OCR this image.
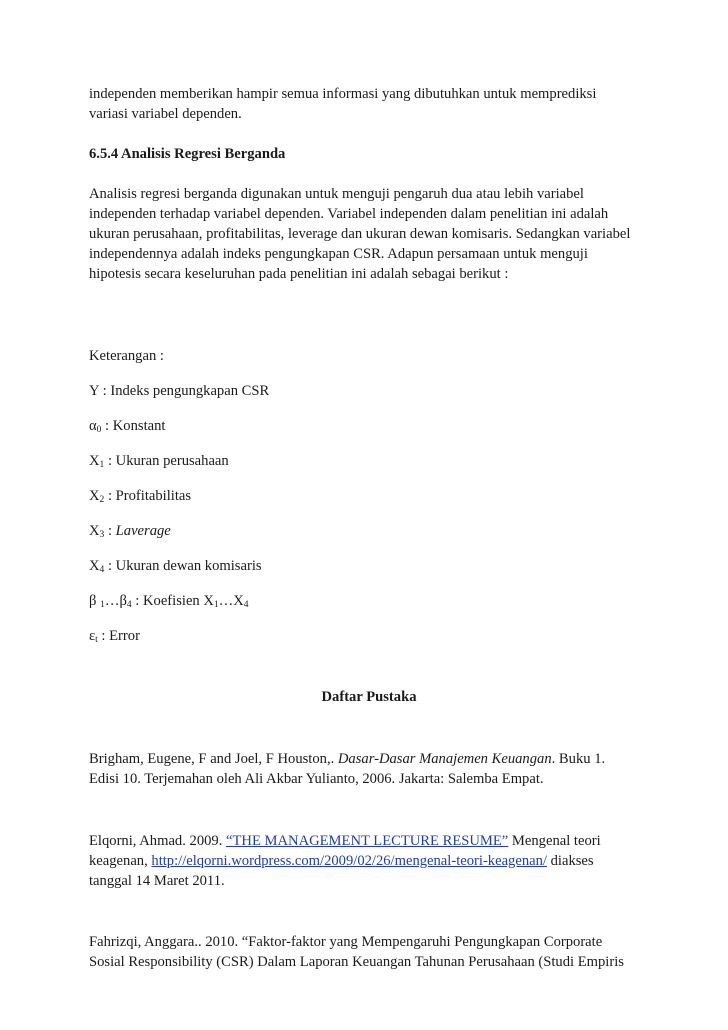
independen memberikan hampir semua informasi yang dibutuhkan untuk memprediksi

variasi variabel dependen.

6.5.4 Analisis Regresi Berganda

Analisis regresi berganda digunakan untuk menguji pengaruh dua atau lebih variabel

independen terhadap variabel dependen. Variabel independen dalam penelitian ini adalah

ukuran perusahaan, profitabilitas, leverage dan ukuran dewan komisaris. Sedangkan variabel

independennya adalah indeks pengungkapan CSR. Adapun persamaan untuk menguji

hipotesis secara keseluruhan pada penelitian ini adalah sebagai berikut :

Keterangan :

Y : Indeks pengungkapan CSR

$\alpha_0$ : Konstant

$X_1$ : Ukuran perusahaan

$X_2$ : Profitabilitas

$X_3$ : Laverage

$X_4$ : Ukuran dewan komisaris

β $_1\dots\beta_4$ : Koefisien $X_1\dots X_4$

$\varepsilon_t$ : Error

Daftar Pustaka

Brigham, Eugene, F and Joel, F Houston,. Dasar-Dasar Manajemen Keuangan. Buku 1.

Edisi 10. Terjemahan oleh Ali Akbar Yulianto, 2006. Jakarta: Salemba Empat.

Elqorni, Ahmad. 2009. “THE MANAGEMENT LECTURE RESUME” Mengenal teori

keagenan, http://elqorni.wordpress.com/2009/02/26/mengenal-teori-keagenan/ diakses

tanggal 14 Maret 2011.

Fahrizqi, Anggara.. 2010. “Faktor-faktor yang Mempengaruhi Pengungkapan Corporate

Sosial Responsibility (CSR) Dalam Laporan Keuangan Tahunan Perusahaan (Studi Empiris
